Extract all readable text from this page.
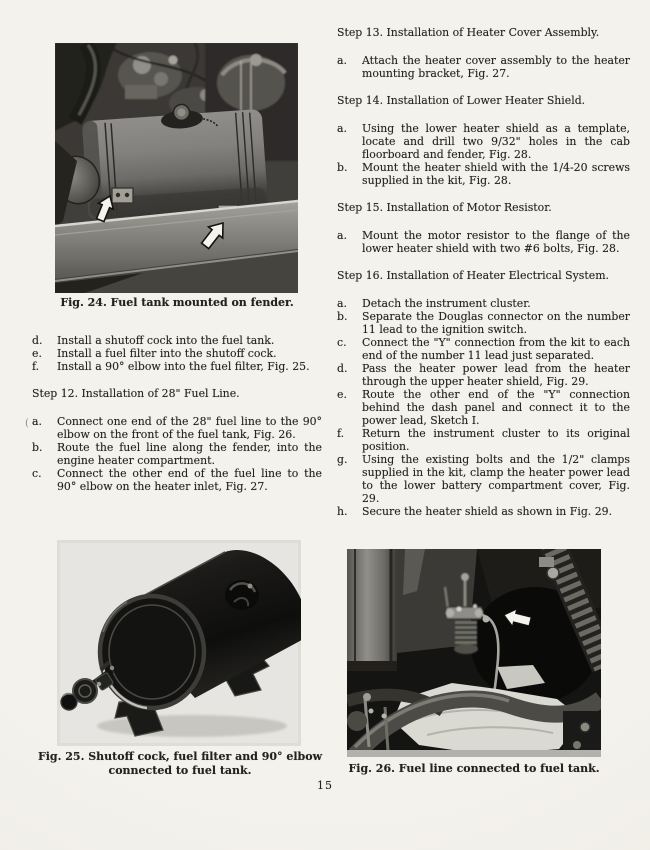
Fig. 24. Fuel tank mounted on fender.
Fig. 25. Shutoff cock, fuel filter and 90° elbow
connected to fuel tank.	Fig. 26. Fuel line connected to fuel tank.
d.	Install a shutoff cock into the fuel tank.
e.	Install a fuel filter into the shutoff cock.
f.	Install a 90° elbow into the fuel filter, Fig. 25.
Step 12. Installation of 28" Fuel Line.
a.	Connect one end of the 28" fuel line to the 90° elbow on the front of the fuel tank, Fig. 26.
b.	Route the fuel line along the fender, into the engine heater compartment.
c.	Connect the other end of the fuel line to the 90° elbow on the heater inlet, Fig. 27.
Step 13. Installation of Heater Cover Assembly.
a.	Attach the heater cover assembly to the heater mounting bracket, Fig. 27.
Step 14. Installation of Lower Heater Shield.
a.	Using the lower heater shield as a template, locate and drill two 9/32" holes in the cab floorboard and fender, Fig. 28.
b.	Mount the heater shield with the 1/4-20 screws supplied in the kit, Fig. 28.
Step 15. Installation of Motor Resistor.
a.	Mount the motor resistor to the flange of the lower heater shield with two #6 bolts, Fig. 28.
Step 16. Installation of Heater Electrical System.
a.	Detach the instrument cluster.
b.	Separate the Douglas connector on the number 11 lead to the ignition switch.
c.	Connect the "Y" connection from the kit to each end of the number 11 lead just separated.
d.	Pass the heater power lead from the heater through the upper heater shield, Fig. 29.
e.	Route the other end of the "Y" connection behind the dash panel and connect it to the power lead, Sketch I.
f.	Return the instrument cluster to its original position.
g.	Using the existing bolts and the 1/2" clamps supplied in the kit, clamp the heater power lead to the lower battery compartment cover, Fig. 29.
h.	Secure the heater shield as shown in Fig. 29.
(
15
